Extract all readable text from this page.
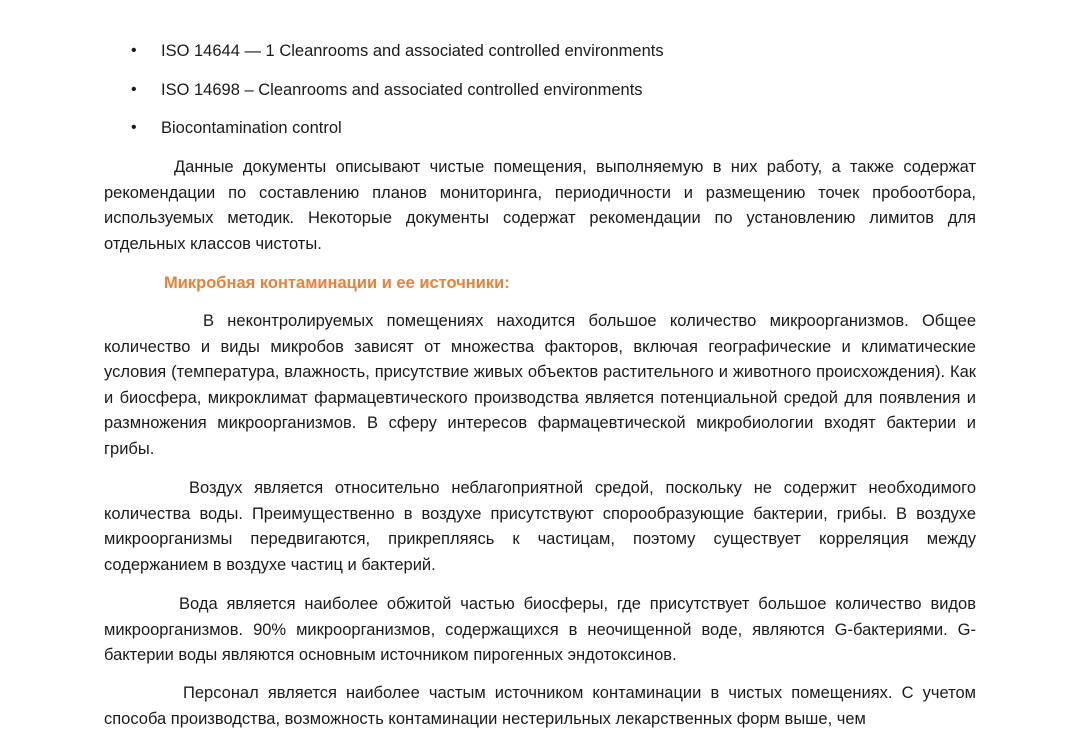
• ISO 14644 — 1 Cleanrooms and associated controlled environments
• ISO 14698 – Cleanrooms and associated controlled environments
• Biocontamination control

Данные документы описывают чистые помещения, выполняемую в них работу, а также содержат рекомендации по составлению планов мониторинга, периодичности и размещению точек пробоотбора, используемых методик. Некоторые документы содержат рекомендации по установлению лимитов для отдельных классов чистоты.

Микробная контаминации и ее источники:

В неконтролируемых помещениях находится большое количество микроорганизмов. Общее количество и виды микробов зависят от множества факторов, включая географические и климатические условия (температура, влажность, присутствие живых объектов растительного и животного происхождения). Как и биосфера, микроклимат фармацевтического производства является потенциальной средой для появления и размножения микроорганизмов. В сферу интересов фармацевтической микробиологии входят бактерии и грибы.

Воздух является относительно неблагоприятной средой, поскольку не содержит необходимого количества воды. Преимущественно в воздухе присутствуют спорообразующие бактерии, грибы. В воздухе микроорганизмы передвигаются, прикрепляясь к частицам, поэтому существует корреляция между содержанием в воздухе частиц и бактерий.

Вода является наиболее обжитой частью биосферы, где присутствует большое количество видов микроорганизмов. 90% микроорганизмов, содержащихся в неочищенной воде, являются G-бактериями. G-бактерии воды являются основным источником пирогенных эндотоксинов.

Персонал является наиболее частым источником контаминации в чистых помещениях. С учетом способа производства, возможность контаминации нестерильных лекарственных форм выше, чем
